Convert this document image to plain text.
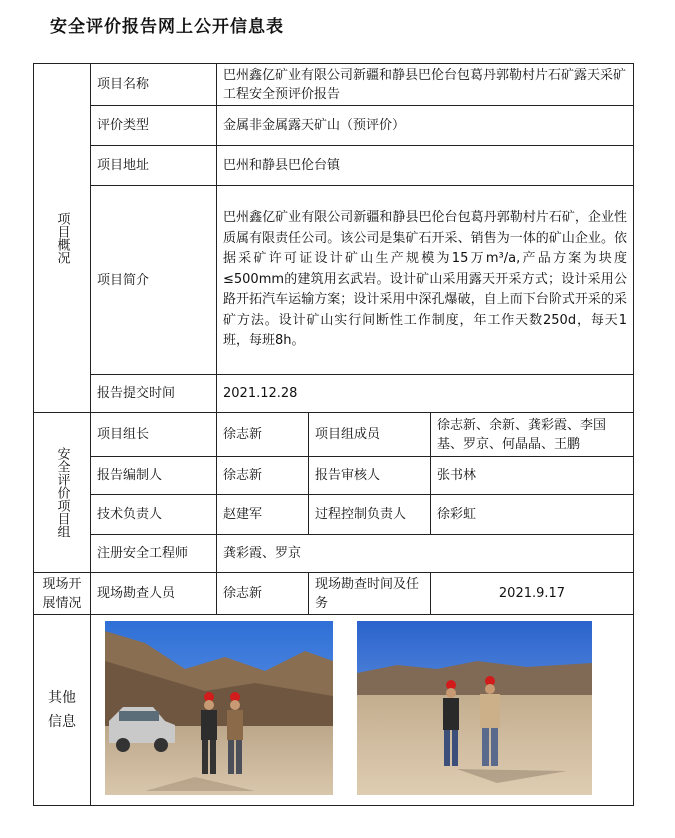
安全评价报告网上公开信息表
项目概况	项目名称	巴州鑫亿矿业有限公司新疆和静县巴伦台包葛丹郭勒村片石矿露天采矿工程安全预评价报告		
	评价类型	金属非金属露天矿山（预评价）		
	项目地址	巴州和静县巴伦台镇		
	项目简介	巴州鑫亿矿业有限公司新疆和静县巴伦台包葛丹郭勒村片石矿，企业性质属有限责任公司。该公司是集矿石开采、销售为一体的矿山企业。依据采矿许可证设计矿山生产规模为15万m³/a,产品方案为块度≤500mm的建筑用玄武岩。设计矿山采用露天开采方式；设计采用公路开拓汽车运输方案；设计采用中深孔爆破，自上而下台阶式开采的采矿方法。设计矿山实行间断性工作制度，年工作天数250d，每天1班，每班8h。		
	报告提交时间	2021.12.28		

安全评价项目组	项目组长	徐志新	项目组成员	徐志新、余新、龚彩霞、李国基、罗京、何晶晶、王鹏
	报告编制人	徐志新	报告审核人	张书林
	技术负责人	赵建军	过程控制负责人	徐彩虹
	注册安全工程师	龚彩霞、罗京		
现场开展情况	现场勘查人员	徐志新	现场勘查时间及任务	2021.9.17

其他信息
